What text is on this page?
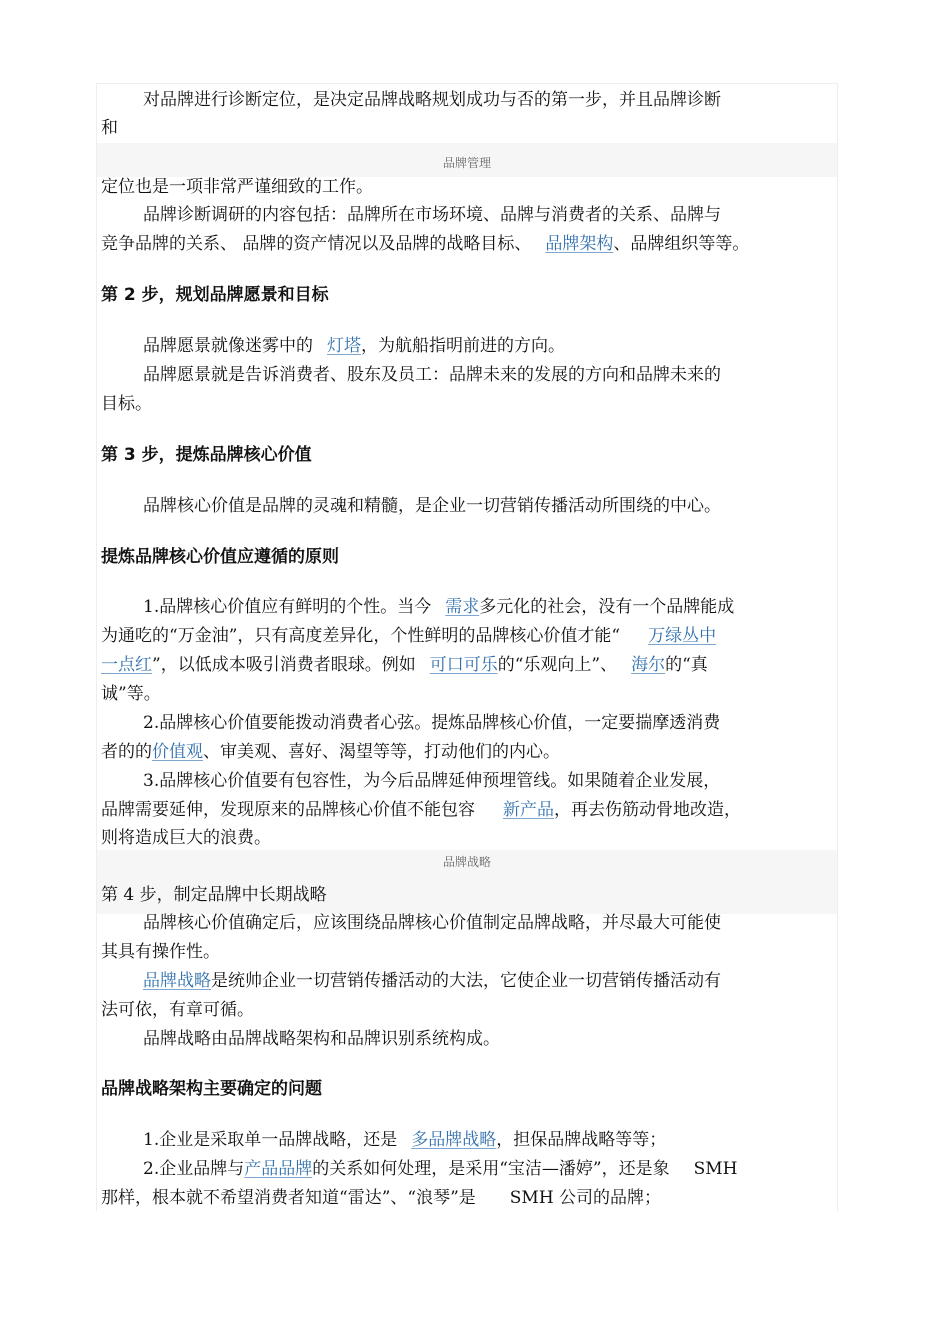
对品牌进行诊断定位，是决定品牌战略规划成功与否的第一步，并且品牌诊断
和
品牌管理
定位也是一项非常严谨细致的工作。
品牌诊断调研的内容包括：品牌所在市场环境、品牌与消费者的关系、品牌与
竞争品牌的关系、 品牌的资产情况以及品牌的战略目标、 品牌架构、品牌组织等等。
第 2 步，规划品牌愿景和目标
品牌愿景就像迷雾中的 灯塔，为航船指明前进的方向。
品牌愿景就是告诉消费者、股东及员工：品牌未来的发展的方向和品牌未来的
目标。
第 3 步，提炼品牌核心价值
品牌核心价值是品牌的灵魂和精髓，是企业一切营销传播活动所围绕的中心。
提炼品牌核心价值应遵循的原则
1.品牌核心价值应有鲜明的个性。当今 需求多元化的社会，没有一个品牌能成
为通吃的“万金油”，只有高度差异化，个性鲜明的品牌核心价值才能“ 万绿丛中
一点红”，以低成本吸引消费者眼球。例如 可口可乐的“乐观向上”、 海尔的“真
诚”等。
2.品牌核心价值要能拨动消费者心弦。提炼品牌核心价值，一定要揣摩透消费
者的的价值观、审美观、喜好、渴望等等，打动他们的内心。
3.品牌核心价值要有包容性，为今后品牌延伸预埋管线。如果随着企业发展，
品牌需要延伸，发现原来的品牌核心价值不能包容 新产品，再去伤筋动骨地改造，
则将造成巨大的浪费。
品牌战略
第 4 步，制定品牌中长期战略
品牌核心价值确定后，应该围绕品牌核心价值制定品牌战略，并尽最大可能使
其具有操作性。
品牌战略是统帅企业一切营销传播活动的大法，它使企业一切营销传播活动有
法可依，有章可循。
品牌战略由品牌战略架构和品牌识别系统构成。
品牌战略架构主要确定的问题
1.企业是采取单一品牌战略，还是 多品牌战略，担保品牌战略等等；
2.企业品牌与产品品牌的关系如何处理，是采用“宝洁—潘婷”，还是象 SMH
那样，根本就不希望消费者知道“雷达”、“浪琴”是 SMH 公司的品牌；
